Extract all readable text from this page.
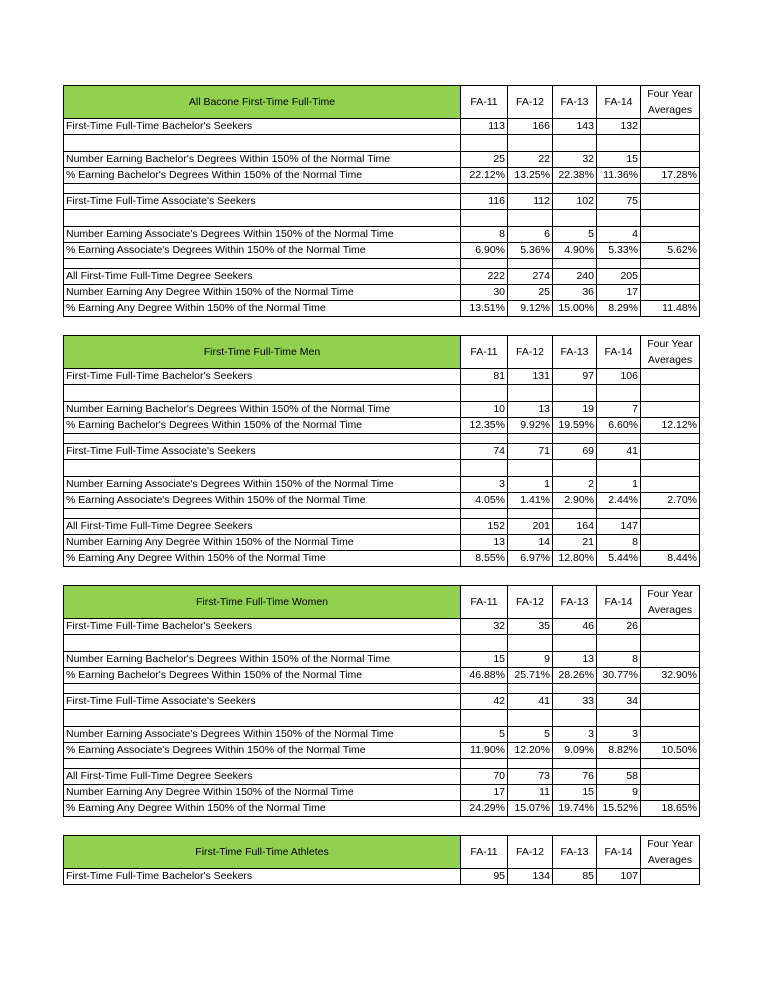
All Bacone First-Time Full-Time	FA-11	FA-12	FA-13	FA-14	Four Year Averages
First-Time Full-Time Bachelor's Seekers	113	166	143	132	

Number Earning Bachelor's Degrees Within 150% of the Normal Time	25	22	32	15	
% Earning Bachelor's Degrees Within 150% of the Normal Time	22.12%	13.25%	22.38%	11.36%	17.28%

First-Time Full-Time Associate's Seekers	116	112	102	75	

Number Earning Associate's Degrees Within 150% of the Normal Time	8	6	5	4	
% Earning Associate's Degrees Within 150% of the Normal Time	6.90%	5.36%	4.90%	5.33%	5.62%

All First-Time Full-Time Degree Seekers	222	274	240	205	
Number Earning Any Degree Within 150% of the Normal Time	30	25	36	17	
% Earning Any Degree Within 150% of the Normal Time	13.51%	9.12%	15.00%	8.29%	11.48%
First-Time Full-Time Men	FA-11	FA-12	FA-13	FA-14	Four Year Averages
First-Time Full-Time Bachelor's Seekers	81	131	97	106	

Number Earning Bachelor's Degrees Within 150% of the Normal Time	10	13	19	7	
% Earning Bachelor's Degrees Within 150% of the Normal Time	12.35%	9.92%	19.59%	6.60%	12.12%

First-Time Full-Time Associate's Seekers	74	71	69	41	

Number Earning Associate's Degrees Within 150% of the Normal Time	3	1	2	1	
% Earning Associate's Degrees Within 150% of the Normal Time	4.05%	1.41%	2.90%	2.44%	2.70%

All First-Time Full-Time Degree Seekers	152	201	164	147	
Number Earning Any Degree Within 150% of the Normal Time	13	14	21	8	
% Earning Any Degree Within 150% of the Normal Time	8.55%	6.97%	12.80%	5.44%	8.44%
First-Time Full-Time Women	FA-11	FA-12	FA-13	FA-14	Four Year Averages
First-Time Full-Time Bachelor's Seekers	32	35	46	26	

Number Earning Bachelor's Degrees Within 150% of the Normal Time	15	9	13	8	
% Earning Bachelor's Degrees Within 150% of the Normal Time	46.88%	25.71%	28.26%	30.77%	32.90%

First-Time Full-Time Associate's Seekers	42	41	33	34	

Number Earning Associate's Degrees Within 150% of the Normal Time	5	5	3	3	
% Earning Associate's Degrees Within 150% of the Normal Time	11.90%	12.20%	9.09%	8.82%	10.50%

All First-Time Full-Time Degree Seekers	70	73	76	58	
Number Earning Any Degree Within 150% of the Normal Time	17	11	15	9	
% Earning Any Degree Within 150% of the Normal Time	24.29%	15.07%	19.74%	15.52%	18.65%
First-Time Full-Time Athletes	FA-11	FA-12	FA-13	FA-14	Four Year Averages
First-Time Full-Time Bachelor's Seekers	95	134	85	107	
